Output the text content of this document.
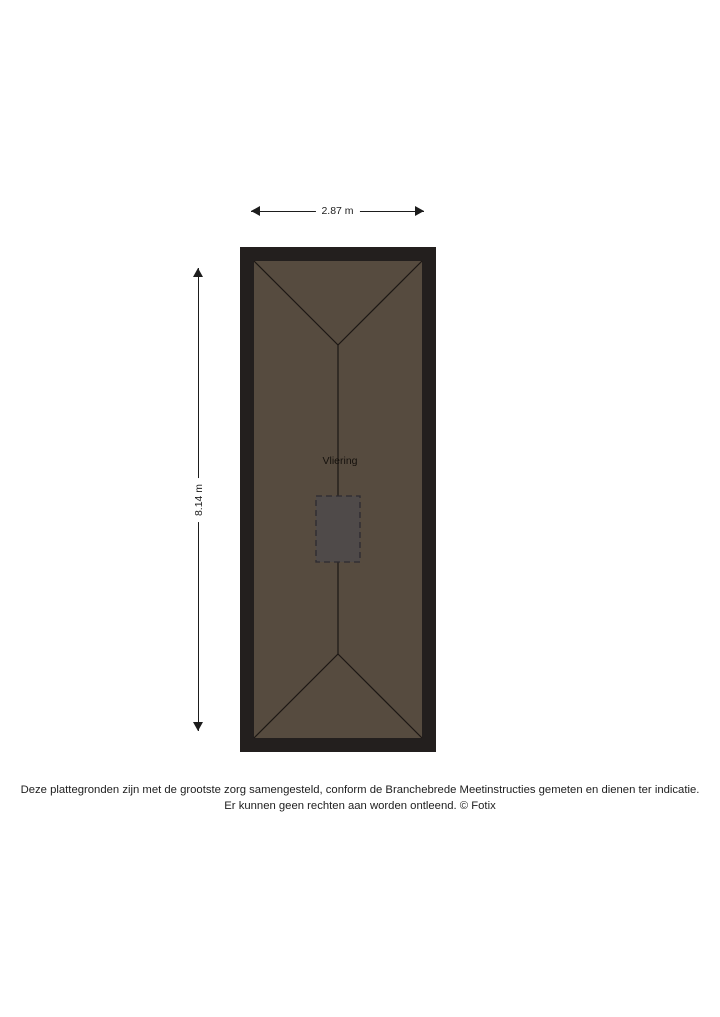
2.87 m
8.14 m
Vliering
Deze plattegronden zijn met de grootste zorg samengesteld, conform de Branchebrede Meetinstructies gemeten en dienen ter indicatie.
Er kunnen geen rechten aan worden ontleend. © Fotix
